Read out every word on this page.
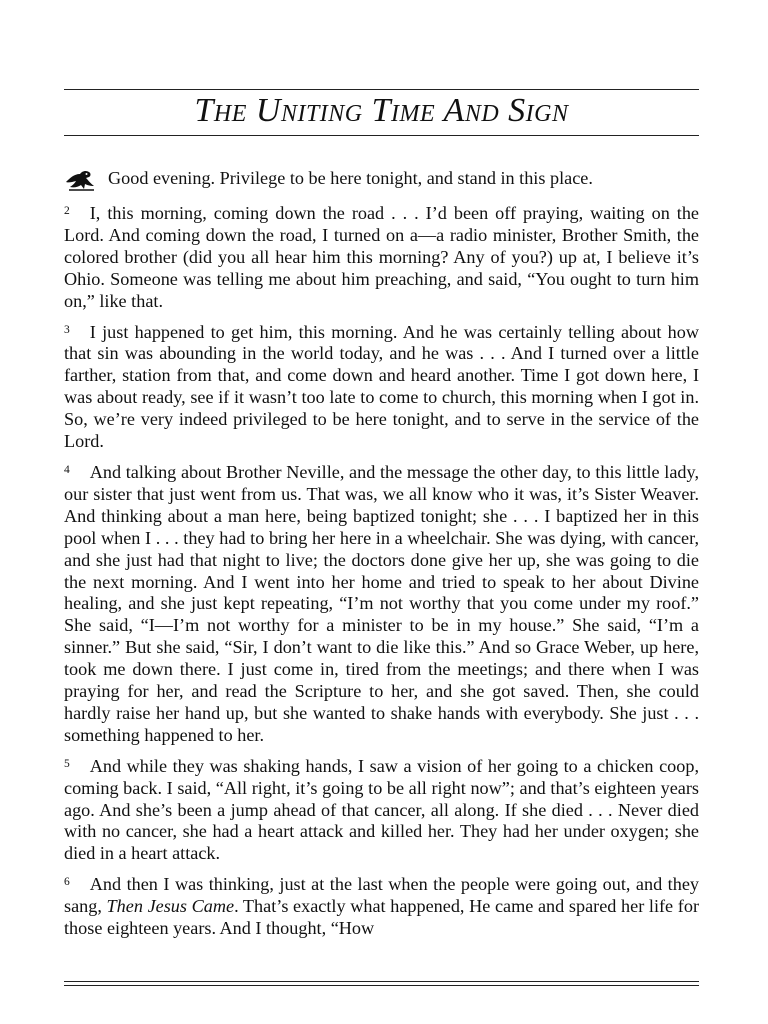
The Uniting Time And Sign
Good evening. Privilege to be here tonight, and stand in this place.

$^2$ I, this morning, coming down the road . . . I’d been off praying, waiting on the Lord. And coming down the road, I turned on a—a radio minister, Brother Smith, the colored brother (did you all hear him this morning? Any of you?) up at, I believe it’s Ohio. Someone was telling me about him preaching, and said, “You ought to turn him on,” like that.

$^3$ I just happened to get him, this morning. And he was certainly telling about how that sin was abounding in the world today, and he was . . . And I turned over a little farther, station from that, and come down and heard another. Time I got down here, I was about ready, see if it wasn’t too late to come to church, this morning when I got in. So, we’re very indeed privileged to be here tonight, and to serve in the service of the Lord.

$^4$ And talking about Brother Neville, and the message the other day, to this little lady, our sister that just went from us. That was, we all know who it was, it’s Sister Weaver. And thinking about a man here, being baptized tonight; she . . . I baptized her in this pool when I . . . they had to bring her here in a wheelchair. She was dying, with cancer, and she just had that night to live; the doctors done give her up, she was going to die the next morning. And I went into her home and tried to speak to her about Divine healing, and she just kept repeating, “I’m not worthy that you come under my roof.” She said, “I—I’m not worthy for a minister to be in my house.” She said, “I’m a sinner.” But she said, “Sir, I don’t want to die like this.” And so Grace Weber, up here, took me down there. I just come in, tired from the meetings; and there when I was praying for her, and read the Scripture to her, and she got saved. Then, she could hardly raise her hand up, but she wanted to shake hands with everybody. She just . . . something happened to her.

$^5$ And while they was shaking hands, I saw a vision of her going to a chicken coop, coming back. I said, “All right, it’s going to be all right now”; and that’s eighteen years ago. And she’s been a jump ahead of that cancer, all along. If she died . . . Never died with no cancer, she had a heart attack and killed her. They had her under oxygen; she died in a heart attack.

$^6$ And then I was thinking, just at the last when the people were going out, and they sang, Then Jesus Came. That’s exactly what happened, He came and spared her life for those eighteen years. And I thought, “How
